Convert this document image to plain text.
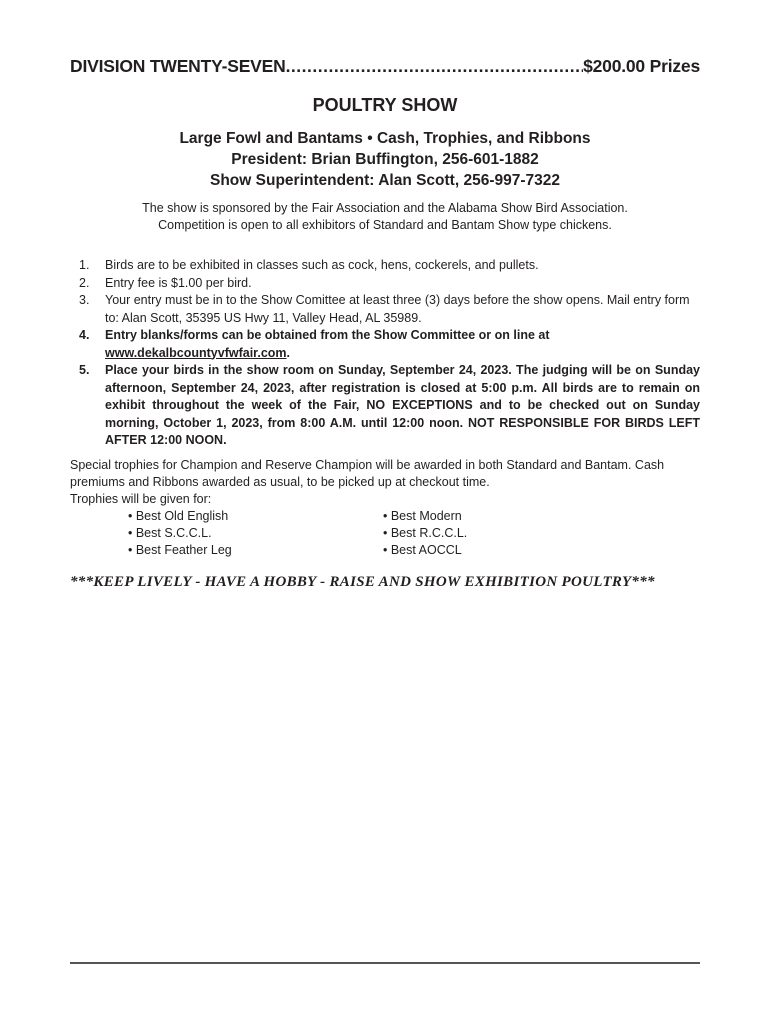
DIVISION TWENTY-SEVEN
.....	$200.00 Prizes
POULTRY SHOW
Large Fowl and Bantams • Cash, Trophies, and Ribbons
President: Brian Buffington, 256-601-1882
Show Superintendent: Alan Scott, 256-997-7322
The show is sponsored by the Fair Association and the Alabama Show Bird Association.
Competition is open to all exhibitors of Standard and Bantam Show type chickens.
1.	Birds are to be exhibited in classes such as cock, hens, cockerels, and pullets.
2.	Entry fee is $1.00 per bird.
3.	Your entry must be in to the Show Comittee at least three (3) days before the show opens. Mail entry form to: Alan Scott, 35395 US Hwy 11, Valley Head, AL 35989.
4.	Entry blanks/forms can be obtained from the Show Committee or on line at www.dekalbcountyvfwfair.com.
5.	Place your birds in the show room on Sunday, September 24, 2023. The judging will be on Sunday afternoon, September 24, 2023, after registration is closed at 5:00 p.m. All birds are to remain on exhibit throughout the week of the Fair, NO EXCEPTIONS and to be checked out on Sunday morning, October 1, 2023, from 8:00 A.M. until 12:00 noon. NOT RESPONSIBLE FOR BIRDS LEFT AFTER 12:00 NOON.
Special trophies for Champion and Reserve Champion will be awarded in both Standard and Bantam. Cash premiums and Ribbons awarded as usual, to be picked up at checkout time.
Trophies will be given for:
• Best Old English
• Best S.C.C.L.
• Best Feather Leg
• Best Modern
• Best R.C.C.L.
• Best AOCCL
***KEEP LIVELY - HAVE A HOBBY - RAISE AND SHOW EXHIBITION POULTRY***
